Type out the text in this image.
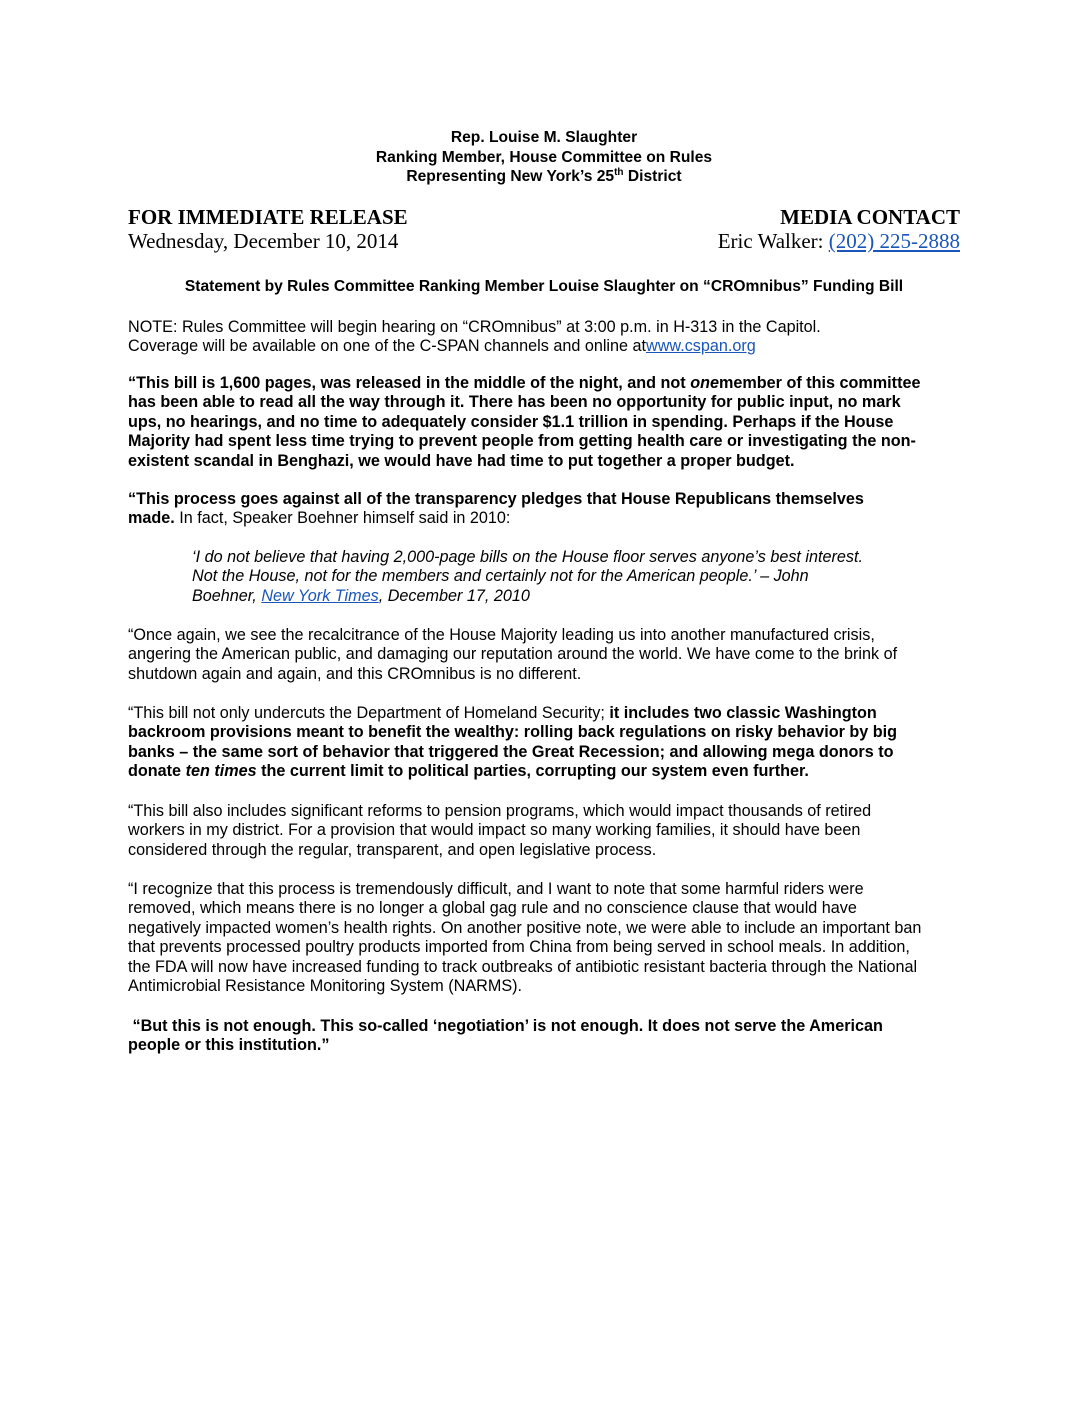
Rep. Louise M. Slaughter
Ranking Member, House Committee on Rules
Representing New York’s 25th District
FOR IMMEDIATE RELEASE
Wednesday, December 10, 2014
MEDIA CONTACT
Eric Walker: (202) 225-2888
Statement by Rules Committee Ranking Member Louise Slaughter on “CROmnibus” Funding Bill
NOTE: Rules Committee will begin hearing on “CROmnibus” at 3:00 p.m. in H-313 in the Capitol.
Coverage will be available on one of the C-SPAN channels and online atwww.cspan.org
“This bill is 1,600 pages, was released in the middle of the night, and not onemember of this committee
has been able to read all the way through it. There has been no opportunity for public input, no mark
ups, no hearings, and no time to adequately consider $1.1 trillion in spending. Perhaps if the House
Majority had spent less time trying to prevent people from getting health care or investigating the non-
existent scandal in Benghazi, we would have had time to put together a proper budget.
“This process goes against all of the transparency pledges that House Republicans themselves
made. In fact, Speaker Boehner himself said in 2010:
‘I do not believe that having 2,000-page bills on the House floor serves anyone’s best interest.
Not the House, not for the members and certainly not for the American people.’ – John
Boehner, New York Times, December 17, 2010
“Once again, we see the recalcitrance of the House Majority leading us into another manufactured crisis,
angering the American public, and damaging our reputation around the world. We have come to the brink of
shutdown again and again, and this CROmnibus is no different.
“This bill not only undercuts the Department of Homeland Security; it includes two classic Washington
backroom provisions meant to benefit the wealthy: rolling back regulations on risky behavior by big
banks – the same sort of behavior that triggered the Great Recession; and allowing mega donors to
donate ten times the current limit to political parties, corrupting our system even further.
“This bill also includes significant reforms to pension programs, which would impact thousands of retired
workers in my district. For a provision that would impact so many working families, it should have been
considered through the regular, transparent, and open legislative process.
“I recognize that this process is tremendously difficult, and I want to note that some harmful riders were
removed, which means there is no longer a global gag rule and no conscience clause that would have
negatively impacted women’s health rights. On another positive note, we were able to include an important ban
that prevents processed poultry products imported from China from being served in school meals. In addition,
the FDA will now have increased funding to track outbreaks of antibiotic resistant bacteria through the National
Antimicrobial Resistance Monitoring System (NARMS).
“But this is not enough. This so-called ‘negotiation’ is not enough. It does not serve the American
people or this institution.”
